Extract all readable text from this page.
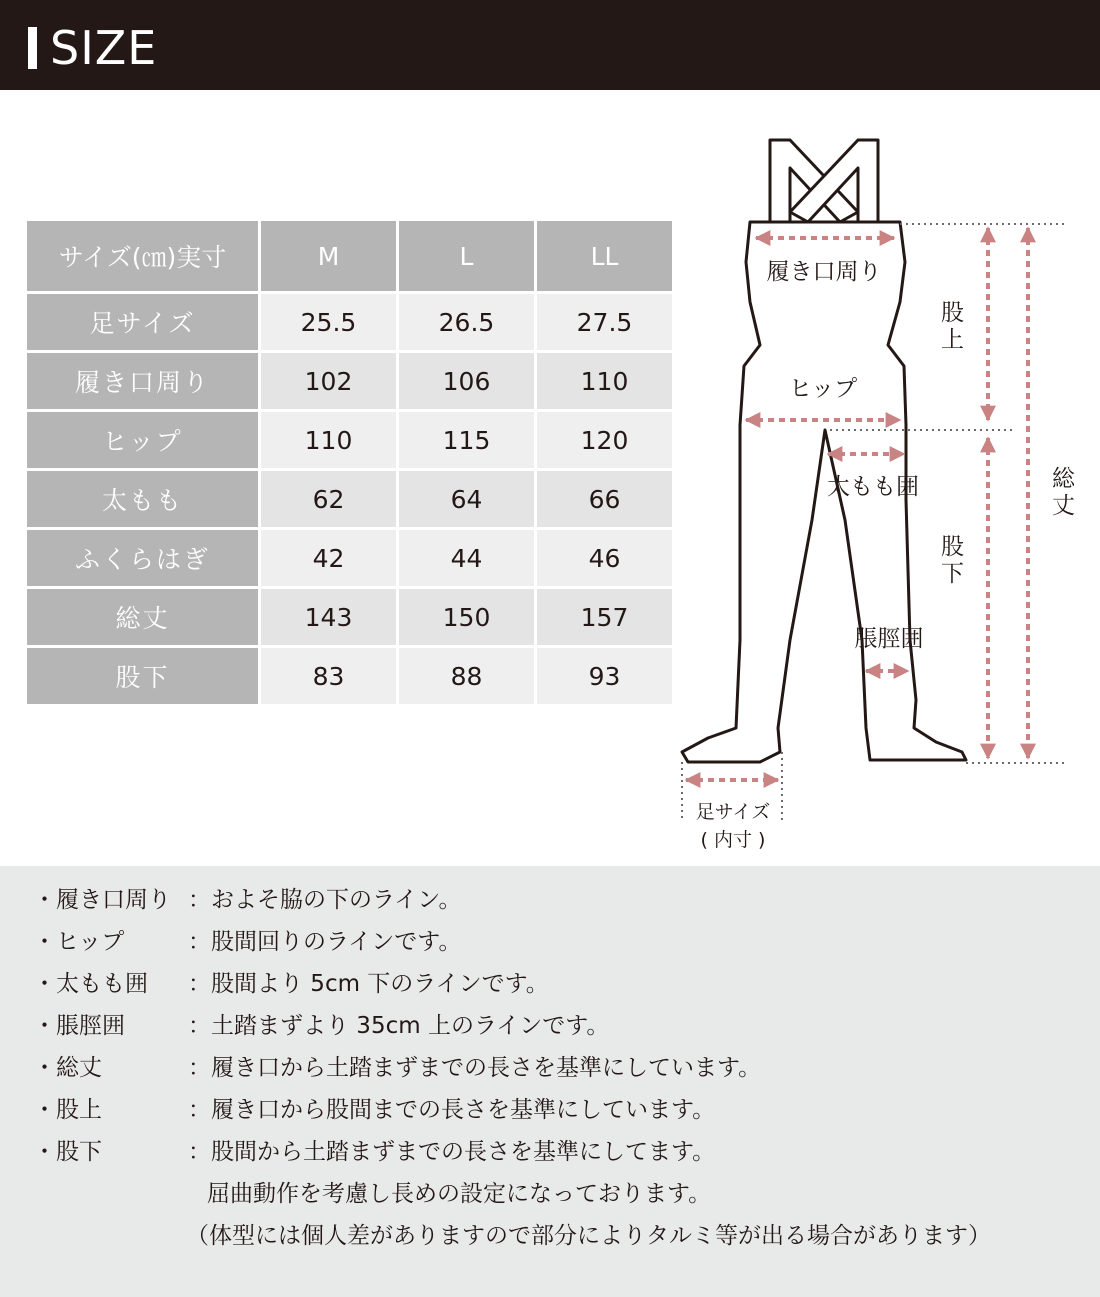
SIZE
サイズ(㎝)実寸	M	L	LL
足サイズ	25.5	26.5	27.5
履き口周り	102	106	110
ヒップ	110	115	120
太もも	62	64	66
ふくらはぎ	42	44	46
総丈	143	150	157
股下	83	88	93
履き口周り
ヒップ
太もも囲
脹脛囲
股上
股下
総丈
足サイズ
( 内寸 )
・履き口周り ：およそ脇の下のライン。
・ヒップ	：股間回りのラインです。
・太もも囲 ：股間より 5cm 下のラインです。
・脹脛囲	：土踏まずより 35cm 上のラインです。
・総丈	：履き口から土踏まずまでの長さを基準にしています。
・股上	：履き口から股間までの長さを基準にしています。
・股下	：股間から土踏まずまでの長さを基準にしてます。
屈曲動作を考慮し長めの設定になっております。
（体型には個人差がありますので部分によりタルミ等が出る場合があります）
